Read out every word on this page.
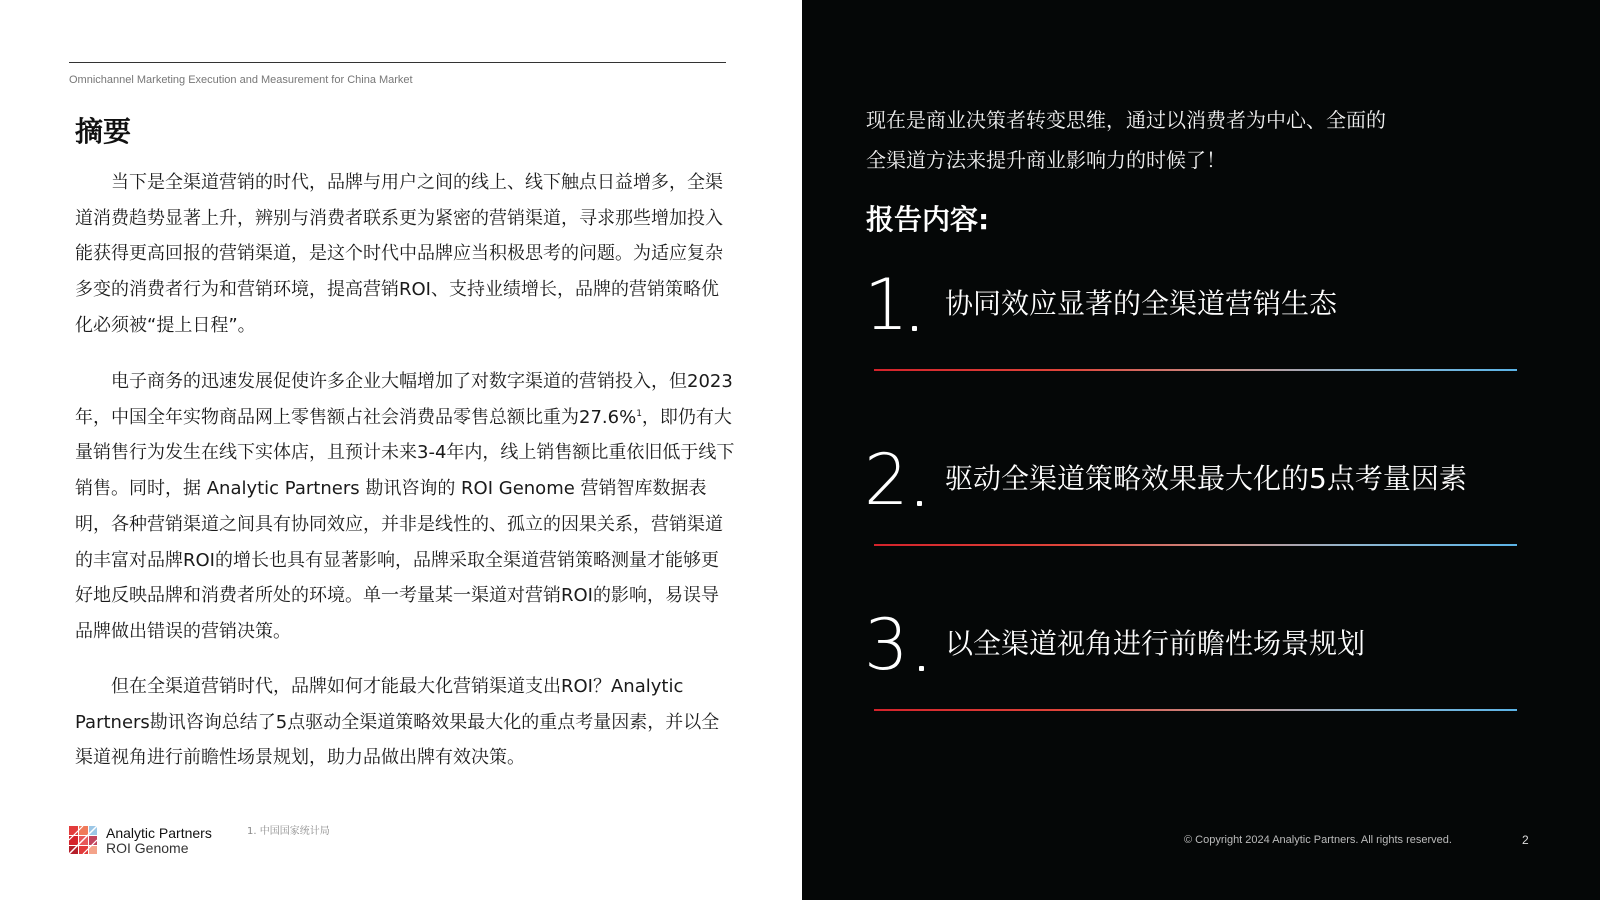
Omnichannel Marketing Execution and Measurement for China Market
摘要

当下是全渠道营销的时代，品牌与用户之间的线上、线下触点日益增多，全渠道消费趋势显著上升，辨别与消费者联系更为紧密的营销渠道，寻求那些增加投入能获得更高回报的营销渠道，是这个时代中品牌应当积极思考的问题。为适应复杂多变的消费者行为和营销环境，提高营销ROI、支持业绩增长，品牌的营销策略优化必须被“提上日程”。

电子商务的迅速发展促使许多企业大幅增加了对数字渠道的营销投入，但2023年，中国全年实物商品网上零售额占社会消费品零售总额比重为27.6%$^1$，即仍有大量销售行为发生在线下实体店，且预计未来3-4年内，线上销售额比重依旧低于线下销售。同时，据 Analytic Partners 勘讯咨询的 ROI Genome 营销智库数据表明，各种营销渠道之间具有协同效应，并非是线性的、孤立的因果关系，营销渠道的丰富对品牌ROI的增长也具有显著影响，品牌采取全渠道营销策略测量才能够更好地反映品牌和消费者所处的环境。单一考量某一渠道对营销ROI的影响，易误导品牌做出错误的营销决策。

但在全渠道营销时代，品牌如何才能最大化营销渠道支出ROI？Analytic Partners勘讯咨询总结了5点驱动全渠道策略效果最大化的重点考量因素，并以全渠道视角进行前瞻性场景规划，助力品做出牌有效决策。

Analytic Partners
ROI Genome
1. 中国国家统计局

现在是商业决策者转变思维，通过以消费者为中心、全面的

全渠道方法来提升商业影响力的时候了！

报告内容:
1 协同效应显著的全渠道营销生态
2 驱动全渠道策略效果最大化的5点考量因素
3 以全渠道视角进行前瞻性场景规划
© Copyright 2024 Analytic Partners. All rights reserved.	2
